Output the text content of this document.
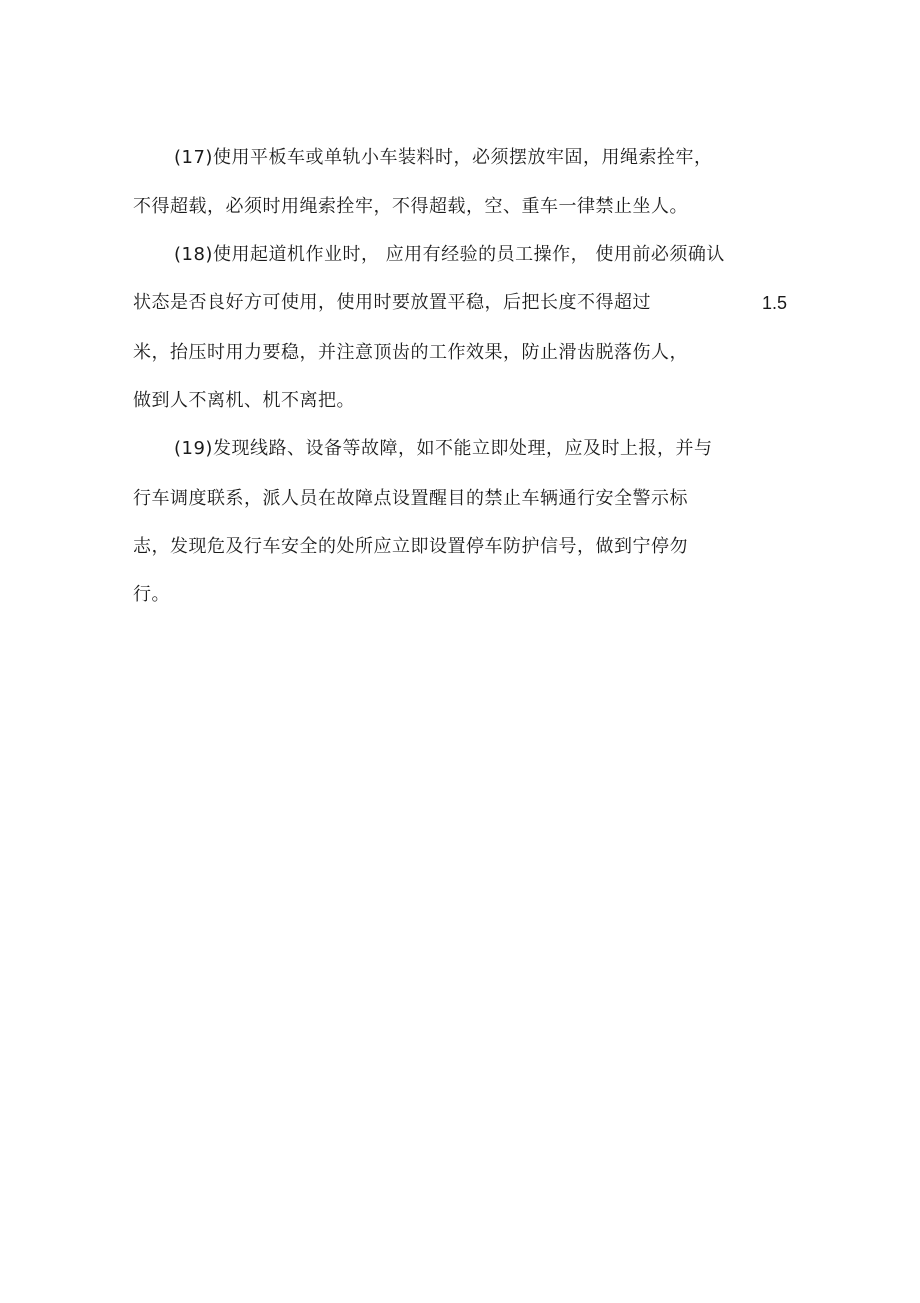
(17)使用平板车或单轨小车装料时，必须摆放牢固，用绳索拴牢，
不得超载，必须时用绳索拴牢，不得超载，空、重车一律禁止坐人。
(18)使用起道机作业时， 应用有经验的员工操作， 使用前必须确认
状态是否良好方可使用，使用时要放置平稳，后把长度不得超过	1.5
米，抬压时用力要稳，并注意顶齿的工作效果，防止滑齿脱落伤人，
做到人不离机、机不离把。
(19)发现线路、设备等故障，如不能立即处理，应及时上报，并与
行车调度联系，派人员在故障点设置醒目的禁止车辆通行安全警示标
志，发现危及行车安全的处所应立即设置停车防护信号，做到宁停勿
行。
